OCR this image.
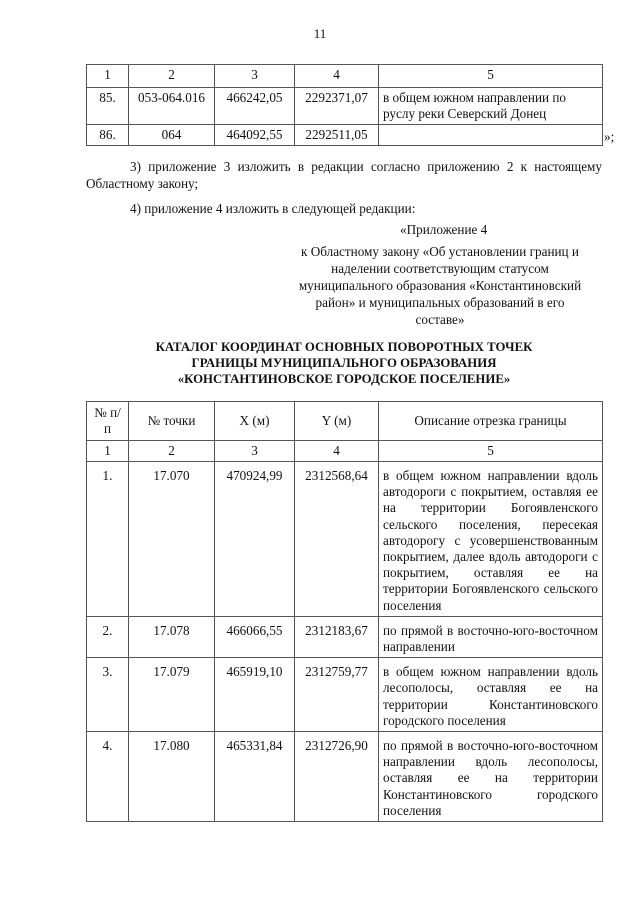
11
1	2	3	4	5
85.	053-064.016	466242,05	2292371,07	в общем южном направлении по руслу реки Северский Донец
86.	064	464092,55	2292511,05		»;
3) приложение 3 изложить в редакции согласно приложению 2 к настоящему Областному закону;
4) приложение 4 изложить в следующей редакции:
«Приложение 4
к Областному закону «Об установлении границ и наделении соответствующим статусом муниципального образования «Константиновский район» и муниципальных образований в его составе»
КАТАЛОГ КООРДИНАТ ОСНОВНЫХ ПОВОРОТНЫХ ТОЧЕК
ГРАНИЦЫ МУНИЦИПАЛЬНОГО ОБРАЗОВАНИЯ
«КОНСТАНТИНОВСКОЕ ГОРОДСКОЕ ПОСЕЛЕНИЕ»
№ п/п	№ точки	X (м)	Y (м)	Описание отрезка границы
1	2	3	4	5
1.	17.070	470924,99	2312568,64	в общем южном направлении вдоль автодороги с покрытием, оставляя ее на территории Богоявленского сельского поселения, пересекая автодорогу с усовершенствованным покрытием, далее вдоль автодороги с покрытием, оставляя ее на территории Богоявленского сельского поселения
2.	17.078	466066,55	2312183,67	по прямой в восточно-юго-восточном направлении
3.	17.079	465919,10	2312759,77	в общем южном направлении вдоль лесополосы, оставляя ее на территории Константиновского городского поселения
4.	17.080	465331,84	2312726,90	по прямой в восточно-юго-восточном направлении вдоль лесополосы, оставляя ее на территории Константиновского городского поселения
